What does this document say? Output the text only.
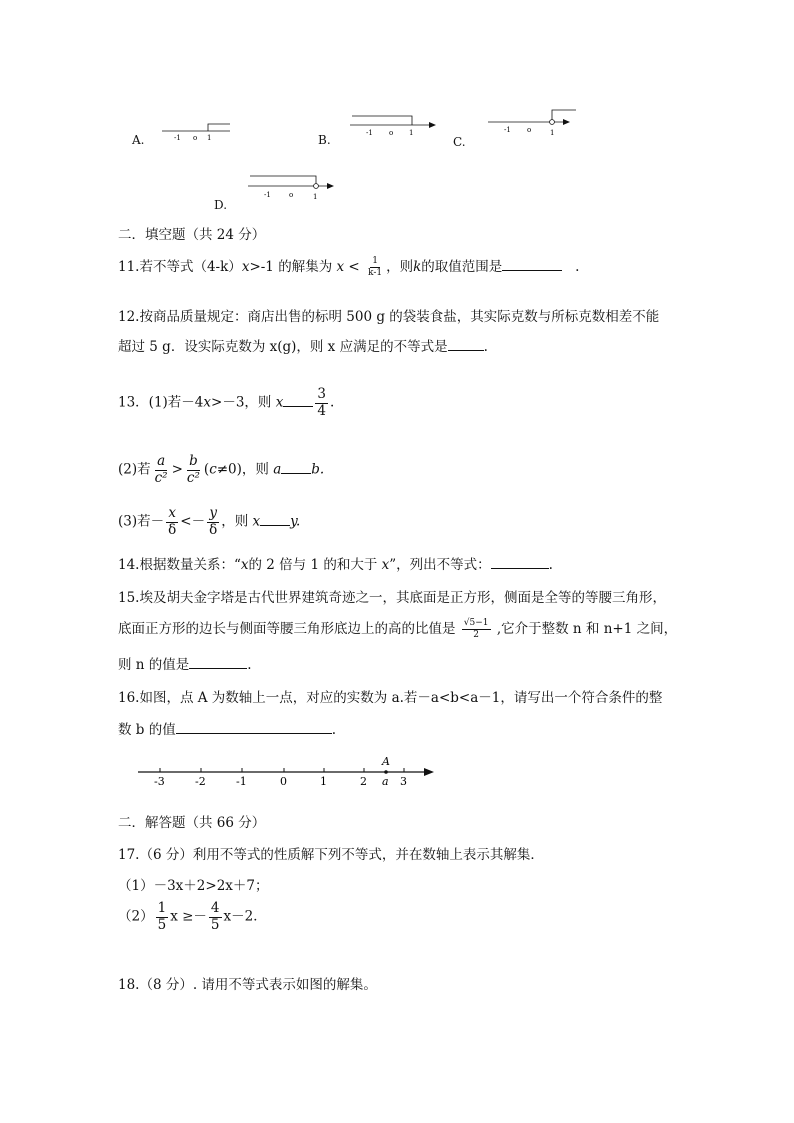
A.	-1 o 1	B.	-1 o 1
C.
-1 o	1
D.
-1	o	1
二．填空题（共 24 分）
11.若不等式（4-k）x>-1 的解集为 $x < \frac{1}{k-1}$ ，则k的取值范围是	.
12.按商品质量规定：商店出售的标明 500 g 的袋装食盐，其实际克数与所标克数相差不能
超过 5 g．设实际克数为 x(g)，则 x 应满足的不等式是	.
13．(1)若－4x>－3，则 x $\frac{3}{4}$ .
(2)若 $\frac{a}{\text{c²}} > \frac{b}{\text{c²}} (c\ne 0)$，则 a b.
(3)若－ $\frac{x}{\delta} <- \frac{y}{\delta}$ ，则 x y.
14.根据数量关系：“x的 2 倍与 1 的和大于 x”，列出不等式：	.
15.埃及胡夫金字塔是古代世界建筑奇迹之一，其底面是正方形，侧面是全等的等腰三角形，
底面正方形的边长与侧面等腰三角形底边上的高的比值是 $\frac{√5-1}{2}$ ,它介于整数 n 和 n+1 之间，
则 n 的值是	.
16.如图，点 A 为数轴上一点，对应的实数为 a.若－a<b<a－1，请写出一个符合条件的整
数 b 的值	.
-3	-2	-1	0	1	2	3
A
a
二．解答题（共 66 分）
17.（6 分）利用不等式的性质解下列不等式，并在数轴上表示其解集．
（1）－3x＋2>2x＋7；
$(2) \frac{1}{5}$ $x \ge- \frac{4}{5} x-2$．
18.（8 分）. 请用不等式表示如图的解集。
